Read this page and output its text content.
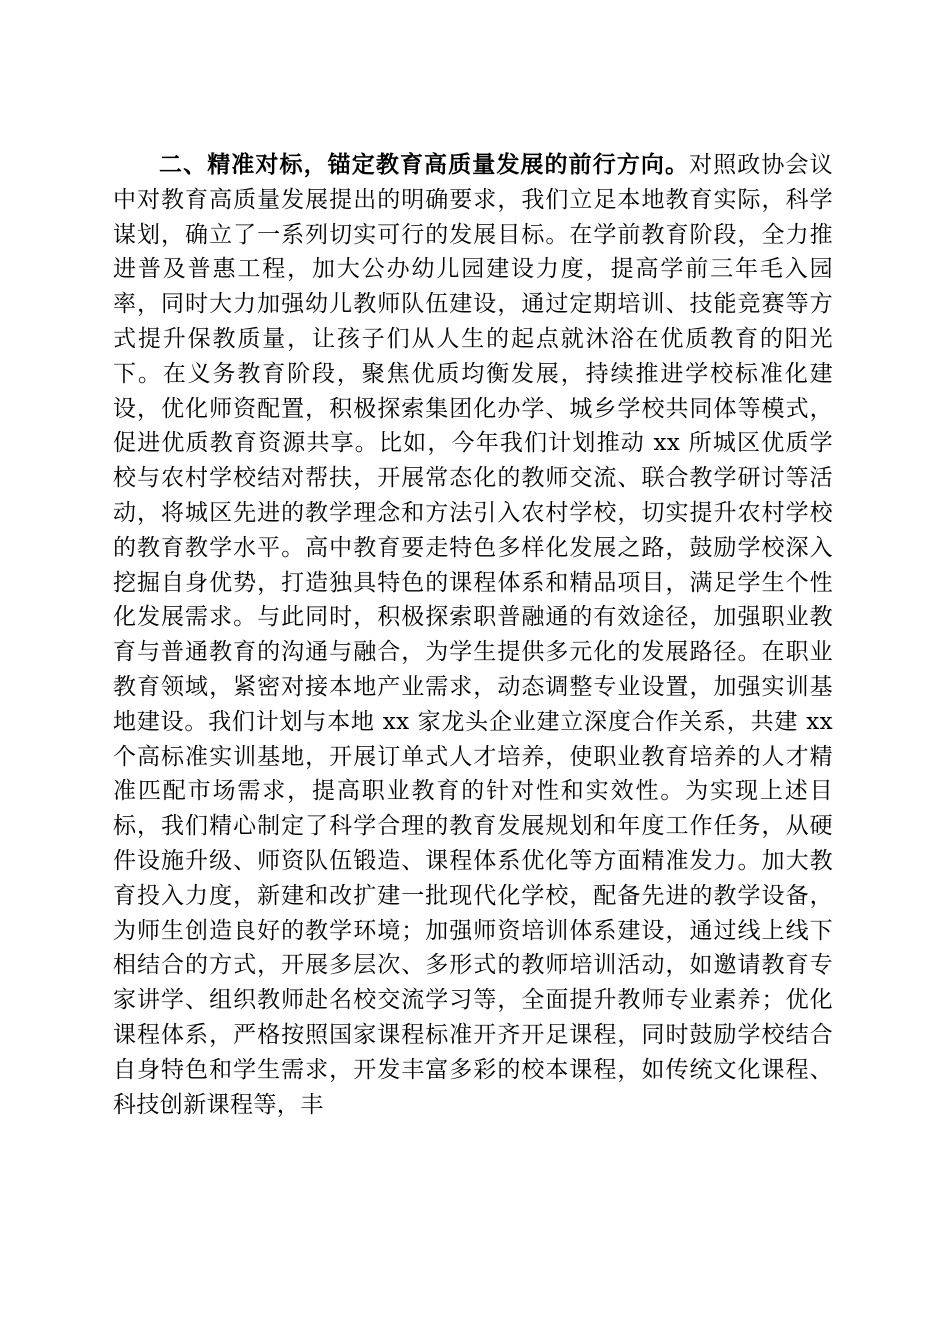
二、精准对标，锚定教育高质量发展的前行方向。对照政协会议中对教育高质量发展提出的明确要求，我们立足本地教育实际，科学谋划，确立了一系列切实可行的发展目标。在学前教育阶段，全力推进普及普惠工程，加大公办幼儿园建设力度，提高学前三年毛入园率，同时大力加强幼儿教师队伍建设，通过定期培训、技能竞赛等方式提升保教质量，让孩子们从人生的起点就沐浴在优质教育的阳光下。在义务教育阶段，聚焦优质均衡发展，持续推进学校标准化建设，优化师资配置，积极探索集团化办学、城乡学校共同体等模式，促进优质教育资源共享。比如，今年我们计划推动 xx 所城区优质学校与农村学校结对帮扶，开展常态化的教师交流、联合教学研讨等活动，将城区先进的教学理念和方法引入农村学校，切实提升农村学校的教育教学水平。高中教育要走特色多样化发展之路，鼓励学校深入挖掘自身优势，打造独具特色的课程体系和精品项目，满足学生个性化发展需求。与此同时，积极探索职普融通的有效途径，加强职业教育与普通教育的沟通与融合，为学生提供多元化的发展路径。在职业教育领域，紧密对接本地产业需求，动态调整专业设置，加强实训基地建设。我们计划与本地 xx 家龙头企业建立深度合作关系，共建 xx 个高标准实训基地，开展订单式人才培养，使职业教育培养的人才精准匹配市场需求，提高职业教育的针对性和实效性。为实现上述目标，我们精心制定了科学合理的教育发展规划和年度工作任务，从硬件设施升级、师资队伍锻造、课程体系优化等方面精准发力。加大教育投入力度，新建和改扩建一批现代化学校，配备先进的教学设备，为师生创造良好的教学环境；加强师资培训体系建设，通过线上线下相结合的方式，开展多层次、多形式的教师培训活动，如邀请教育专家讲学、组织教师赴名校交流学习等，全面提升教师专业素养；优化课程体系，严格按照国家课程标准开齐开足课程，同时鼓励学校结合自身特色和学生需求，开发丰富多彩的校本课程，如传统文化课程、科技创新课程等，丰
